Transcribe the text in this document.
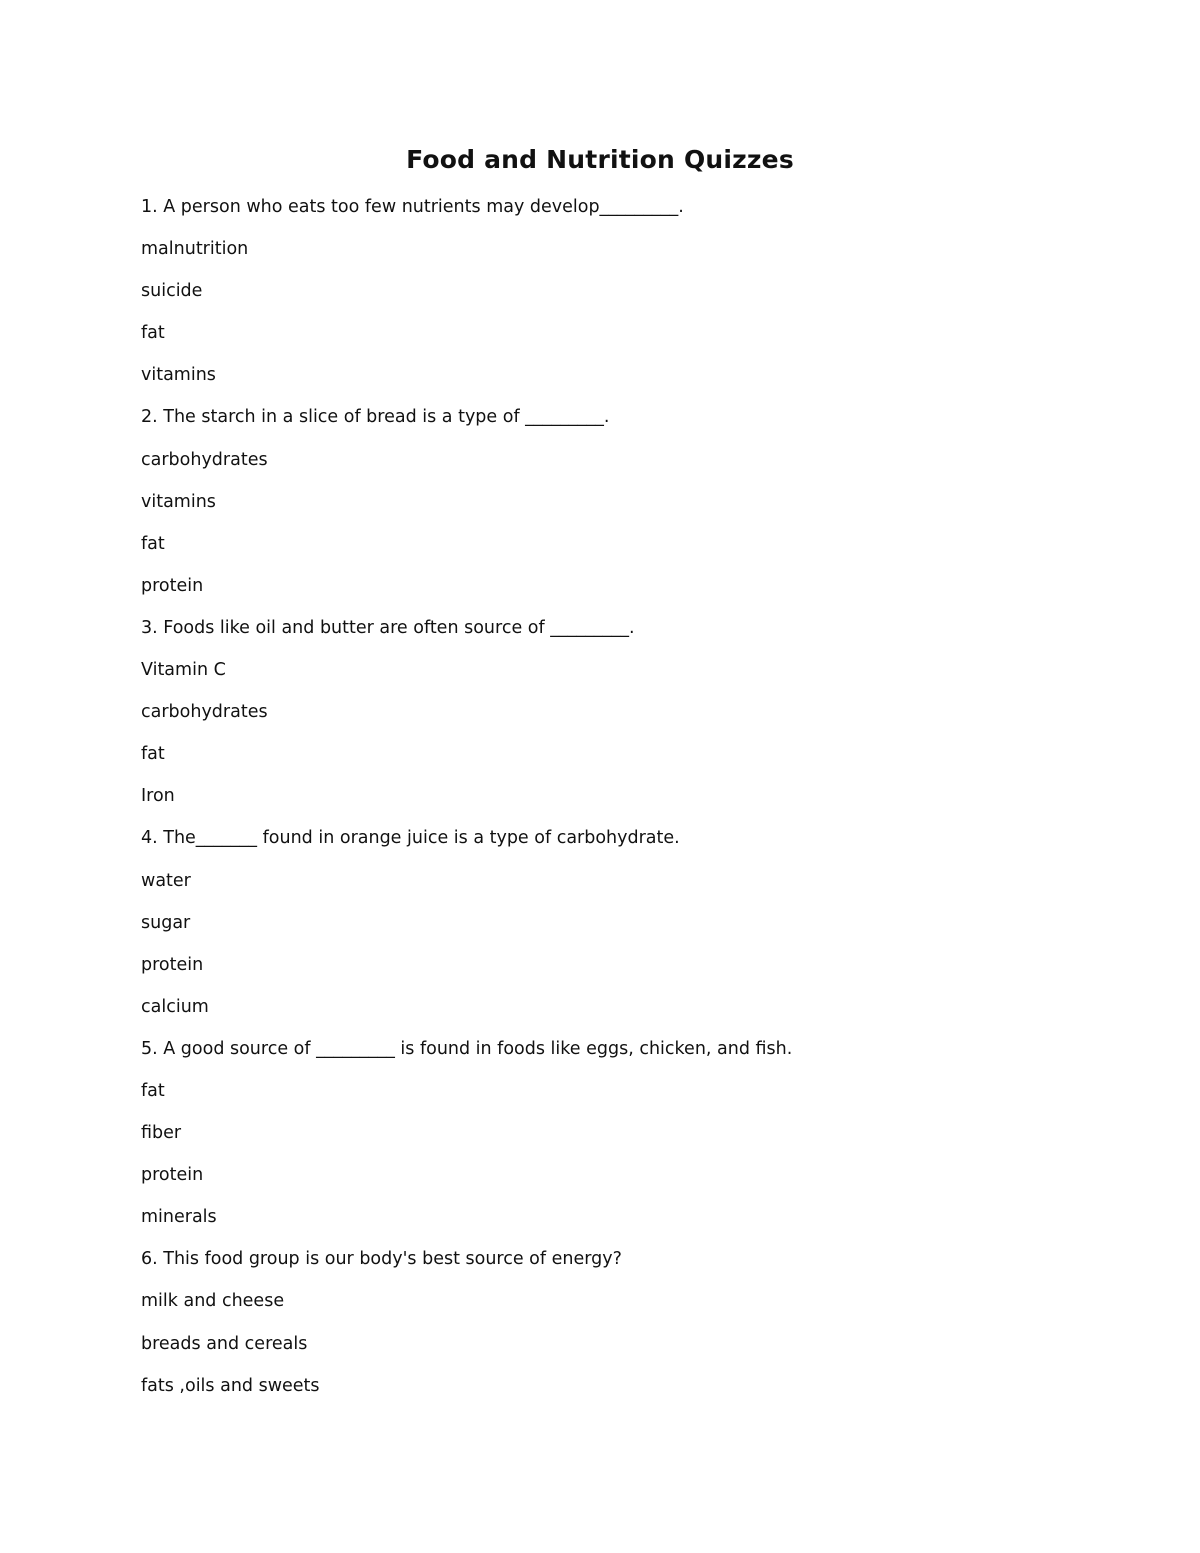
Food and Nutrition Quizzes
1. A person who eats too few nutrients may develop_________.
malnutrition
suicide
fat
vitamins
2. The starch in a slice of bread is a type of _________.
carbohydrates
vitamins
fat
protein
3. Foods like oil and butter are often source of _________.
Vitamin C
carbohydrates
fat
Iron
4. The_______ found in orange juice is a type of carbohydrate.
water
sugar
protein
calcium
5. A good source of _________ is found in foods like eggs, chicken, and fish.
fat
fiber
protein
minerals
6. This food group is our body's best source of energy?
milk and cheese
breads and cereals
fats ,oils and sweets
